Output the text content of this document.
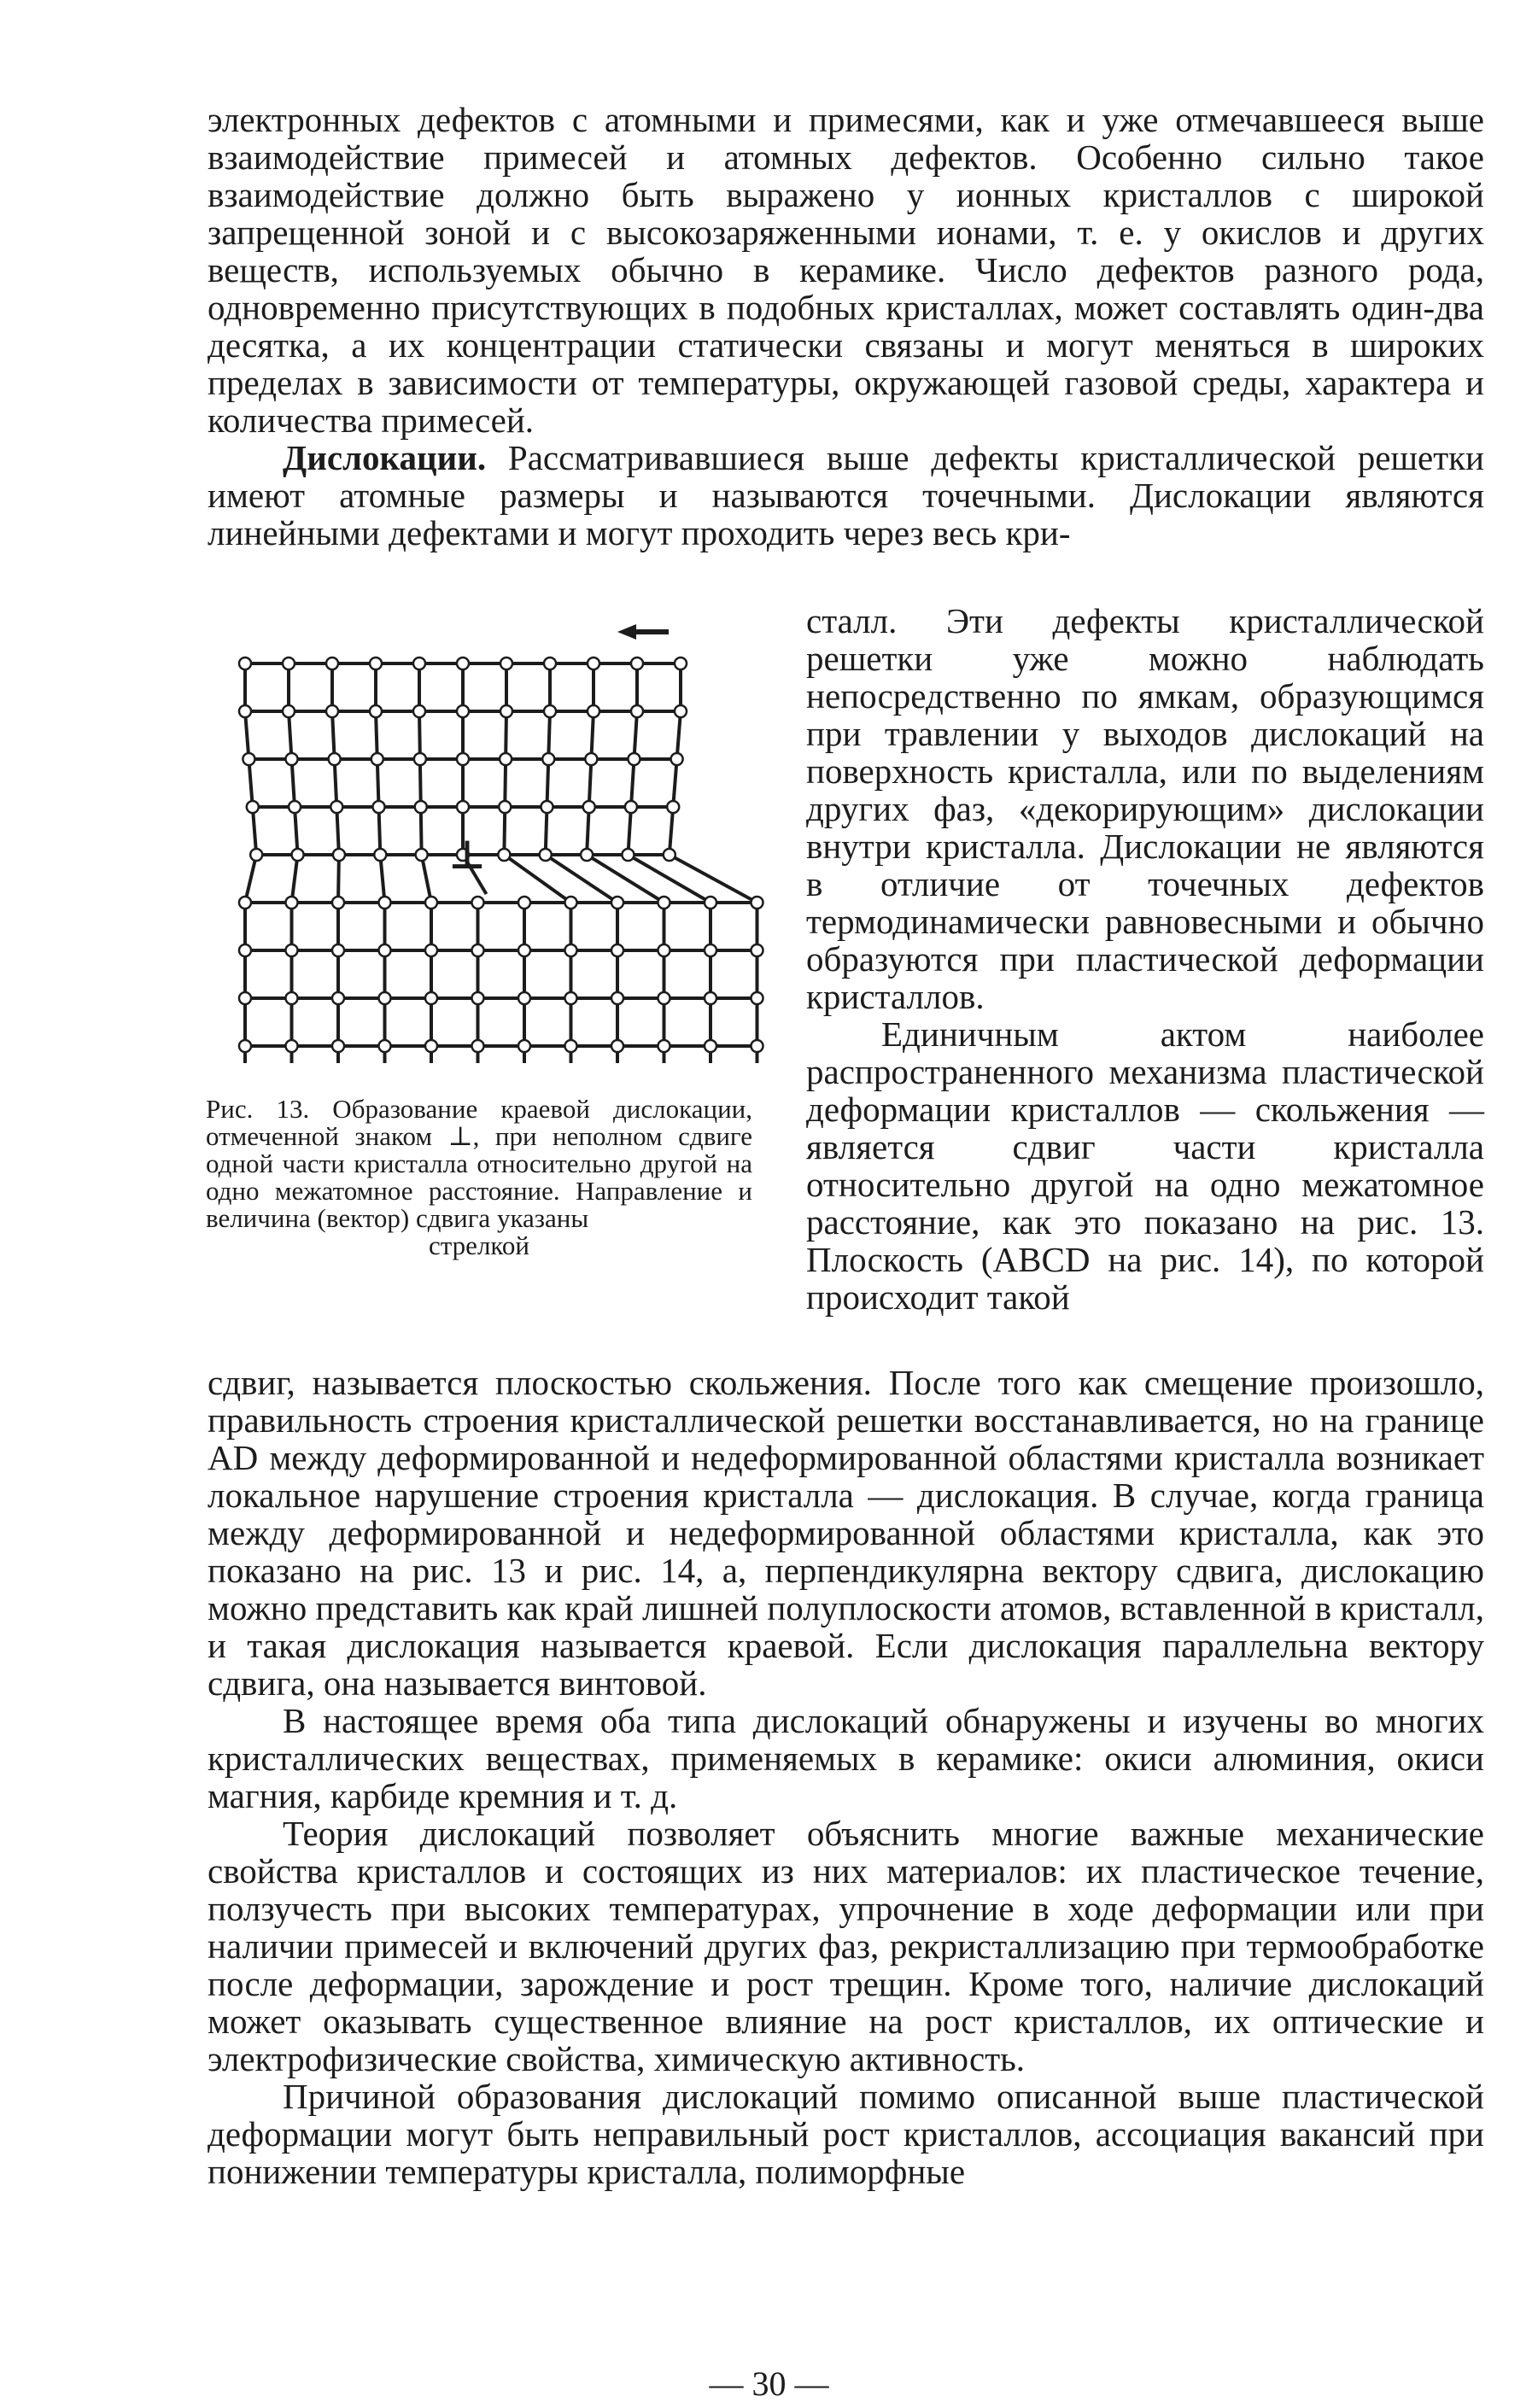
электронных дефектов с атомными и примесями, как и уже отмечавшееся выше взаимодействие примесей и атомных дефектов. Особенно сильно такое взаимодействие должно быть выражено у ионных кристаллов с широкой запрещенной зоной и с высокозаряженными ионами, т. е. у окислов и других веществ, используемых обычно в керамике. Число дефектов разного рода, одновременно присутствующих в подобных кристаллах, может составлять один-два десятка, а их концентрации статически связаны и могут меняться в широких пределах в зависимости от температуры, окружающей газовой среды, характера и количества примесей.

Дислокации. Рассматривавшиеся выше дефекты кристаллической решетки имеют атомные размеры и называются точечными. Дислокации являются линейными дефектами и могут проходить через весь кри-

⊥
Рис. 13. Образование краевой дислокации, отмеченной знаком ⊥, при неполном сдвиге одной части кристалла относительно другой на одно межатомное расстояние. Направление и величина (вектор) сдвига указаны
стрелкой

сталл. Эти дефекты кристаллической решетки уже можно наблюдать непосредственно по ямкам, образующимся при травлении у выходов дислокаций на поверхность кристалла, или по выделениям других фаз, «декорирующим» дислокации внутри кристалла. Дислокации не являются в отличие от точечных дефектов термодинамически равновесными и обычно образуются при пластической деформации кристаллов.

Единичным актом наиболее распространенного механизма пластической деформации кристаллов — скольжения — является сдвиг части кристалла относительно другой на одно межатомное расстояние, как это показано на рис. 13. Плоскость (ABCD на рис. 14), по которой происходит такой

сдвиг, называется плоскостью скольжения. После того как смещение произошло, правильность строения кристаллической решетки восстанавливается, но на границе AD между деформированной и недеформированной областями кристалла возникает локальное нарушение строения кристалла — дислокация. В случае, когда граница между деформированной и недеформированной областями кристалла, как это показано на рис. 13 и рис. 14, а, перпендикулярна вектору сдвига, дислокацию можно представить как край лишней полуплоскости атомов, вставленной в кристалл, и такая дислокация называется краевой. Если дислокация параллельна вектору сдвига, она называется винтовой.

В настоящее время оба типа дислокаций обнаружены и изучены во многих кристаллических веществах, применяемых в керамике: окиси алюминия, окиси магния, карбиде кремния и т. д.

Теория дислокаций позволяет объяснить многие важные механические свойства кристаллов и состоящих из них материалов: их пластическое течение, ползучесть при высоких температурах, упрочнение в ходе деформации или при наличии примесей и включений других фаз, рекристаллизацию при термообработке после деформации, зарождение и рост трещин. Кроме того, наличие дислокаций может оказывать существенное влияние на рост кристаллов, их оптические и электрофизические свойства, химическую активность.

Причиной образования дислокаций помимо описанной выше пластической деформации могут быть неправильный рост кристаллов, ассоциация вакансий при понижении температуры кристалла, полиморфные

— 30 —
